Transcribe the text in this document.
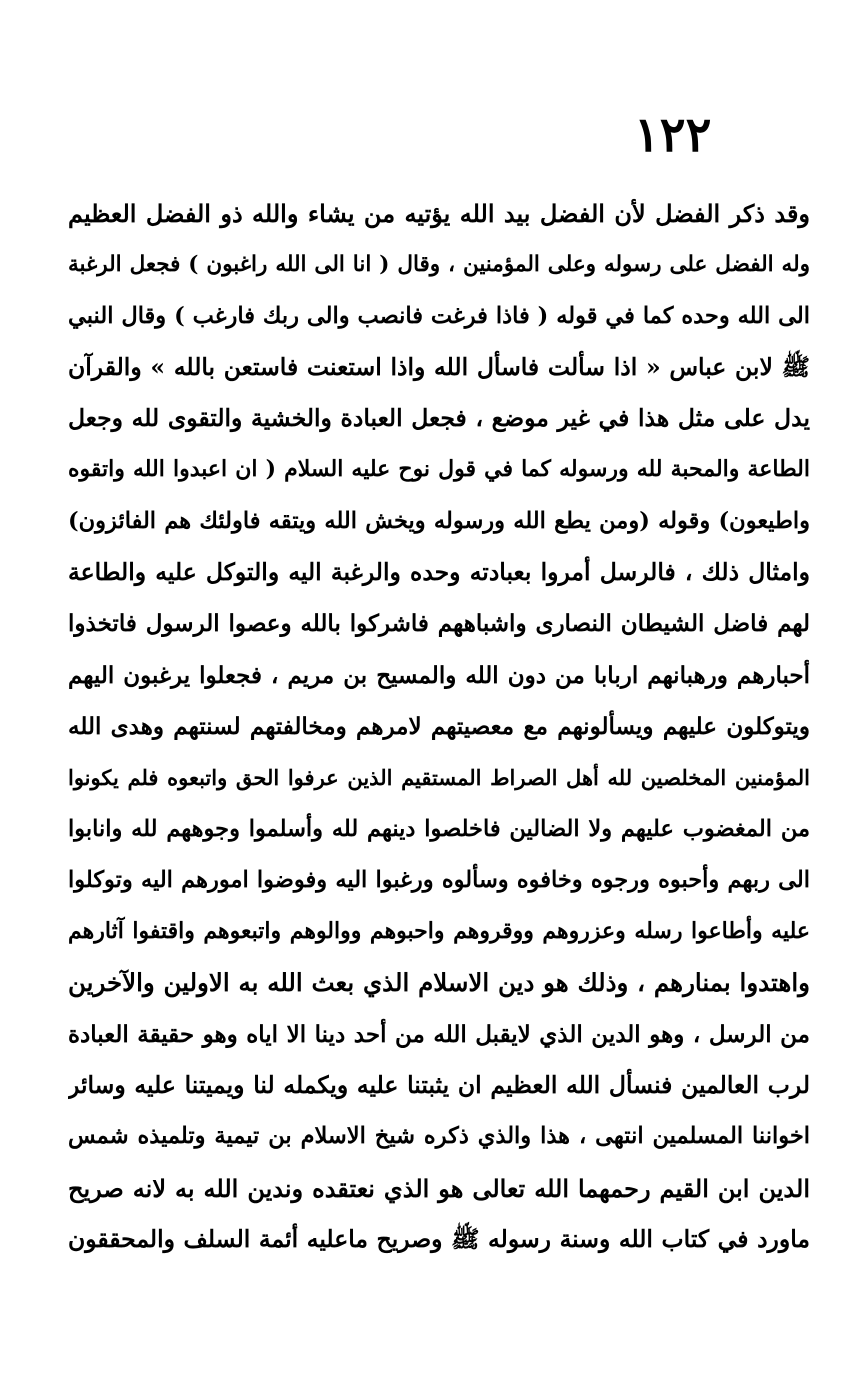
١٢٢
وقد ذكر الفضل لأن الفضل بيد الله يؤتيه من يشاء والله ذو الفضل العظيم
وله الفضل على رسوله وعلى المؤمنين ، وقال ( انا الى الله راغبون ) فجعل الرغبة
الى الله وحده كما في قوله ( فاذا فرغت فانصب والى ربك فارغب ) وقال النبي
ﷺ لابن عباس « اذا سألت فاسأل الله واذا استعنت فاستعن بالله » والقرآن
يدل على مثل هذا في غير موضع ، فجعل العبادة والخشية والتقوى لله وجعل
الطاعة والمحبة لله ورسوله كما في قول نوح عليه السلام ( ان اعبدوا الله واتقوه
واطيعون) وقوله (ومن يطع الله ورسوله ويخش الله ويتقه فاولئك هم الفائزون)
وامثال ذلك ، فالرسل أمروا بعبادته وحده والرغبة اليه والتوكل عليه والطاعة
لهم فاضل الشيطان النصارى واشباههم فاشركوا بالله وعصوا الرسول فاتخذوا
أحبارهم ورهبانهم اربابا من دون الله والمسيح بن مريم ، فجعلوا يرغبون اليهم
ويتوكلون عليهم ويسألونهم مع معصيتهم لامرهم ومخالفتهم لسنتهم وهدى الله
المؤمنين المخلصين لله أهل الصراط المستقيم الذين عرفوا الحق واتبعوه فلم يكونوا
من المغضوب عليهم ولا الضالين فاخلصوا دينهم لله وأسلموا وجوههم لله وانابوا
الى ربهم وأحبوه ورجوه وخافوه وسألوه ورغبوا اليه وفوضوا امورهم اليه وتوكلوا
عليه وأطاعوا رسله وعزروهم ووقروهم واحبوهم ووالوهم واتبعوهم واقتفوا آثارهم
واهتدوا بمنارهم ، وذلك هو دين الاسلام الذي بعث الله به الاولين والآخرين
من الرسل ، وهو الدين الذي لايقبل الله من أحد دينا الا اياه وهو حقيقة العبادة
لرب العالمين فنسأل الله العظيم ان يثبتنا عليه ويكمله لنا ويميتنا عليه وسائر
اخواننا المسلمين انتهى ، هذا والذي ذكره شيخ الاسلام بن تيمية وتلميذه شمس
الدين ابن القيم رحمهما الله تعالى هو الذي نعتقده وندين الله به لانه صريح
ماورد في كتاب الله وسنة رسوله ﷺ وصريح ماعليه أئمة السلف والمحققون
